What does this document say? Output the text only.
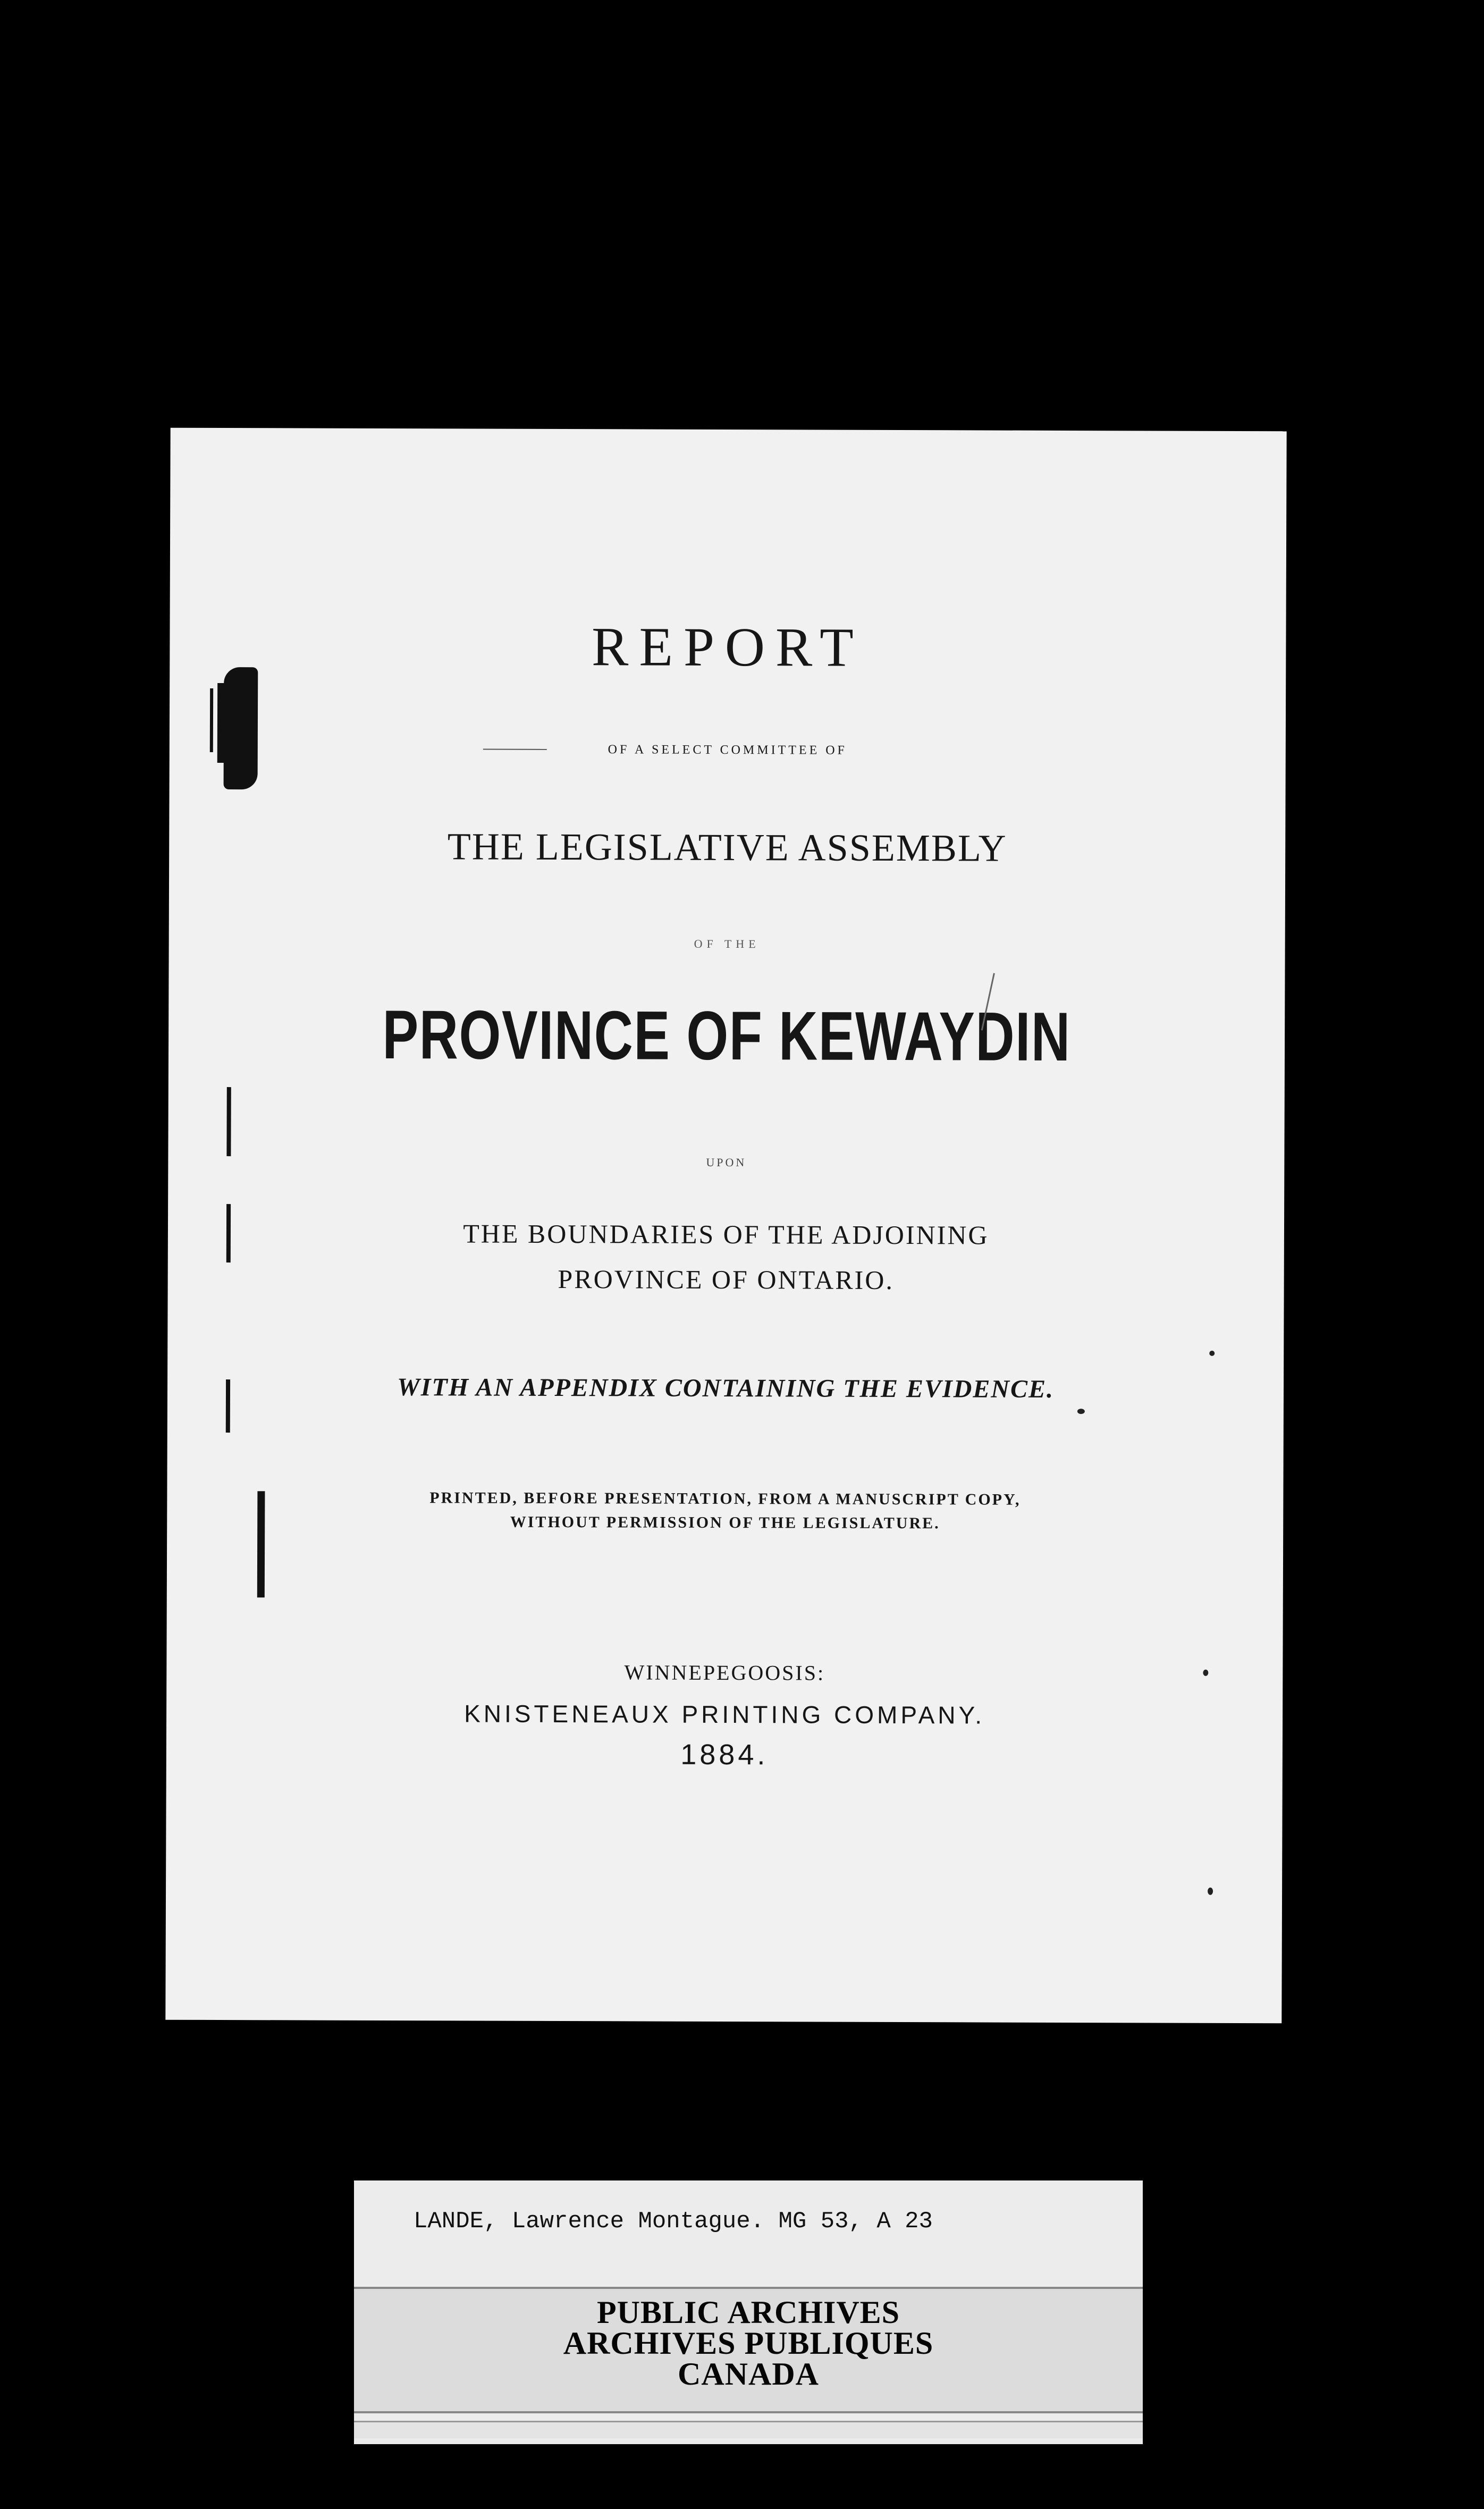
REPORT
OF A SELECT COMMITTEE OF
THE LEGISLATIVE ASSEMBLY
OF THE
PROVINCE OF KEWAYDIN
UPON
THE BOUNDARIES OF THE ADJOINING
PROVINCE OF ONTARIO.
WITH AN APPENDIX CONTAINING THE EVIDENCE.
PRINTED, BEFORE PRESENTATION, FROM A MANUSCRIPT COPY,
WITHOUT PERMISSION OF THE LEGISLATURE.
WINNEPEGOOSIS:
KNISTENEAUX PRINTING COMPANY.
1884.
LANDE, Lawrence Montague. MG 53, A 23
PUBLIC ARCHIVES
ARCHIVES PUBLIQUES
CANADA
